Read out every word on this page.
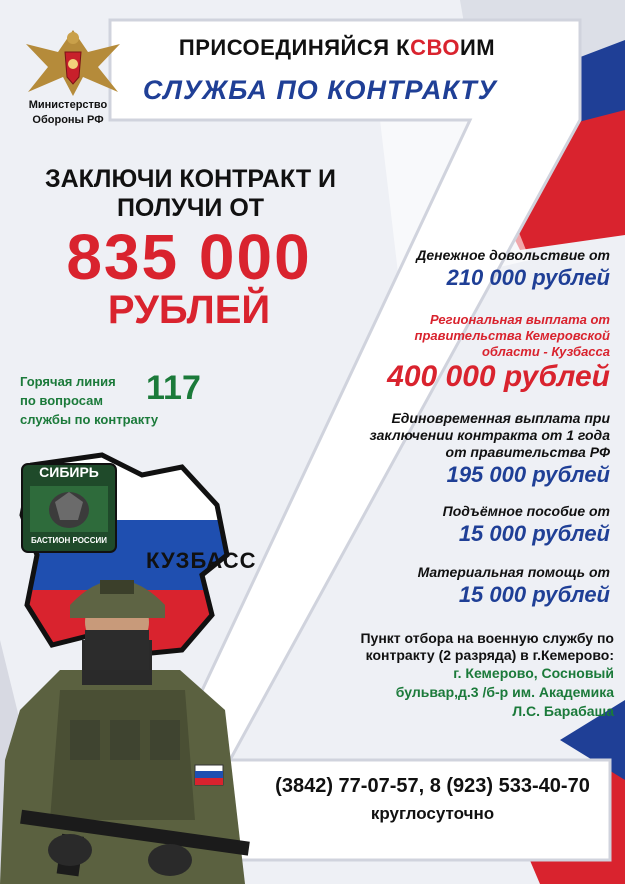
Министерство
Обороны РФ
ПРИСОЕДИНЯЙСЯ К СВО ИМ
СЛУЖБА ПО КОНТРАКТУ
ЗАКЛЮЧИ КОНТРАКТ И
ПОЛУЧИ ОТ
835 000
РУБЛЕЙ
Горячая линия
по вопросам
службы по контракту
117
СИБИРЬ
БАСТИОН РОССИИ
КУЗБАСС
Денежное довольствие от
210 000 рублей
Региональная выплата от
правительства Кемеровской
области - Кузбасса
400 000 рублей
Единовременная выплата при
заключении контракта от 1 года
от правительства РФ
195 000 рублей
Подъёмное пособие от
15 000 рублей
Материальная помощь от
15 000 рублей
Пункт отбора на военную службу по
контракту (2 разряда) в г.Кемерово:
г. Кемерово, Сосновый
бульвар,д.3 /б-р им. Академика
Л.С. Барабаша
(3842) 77-07-57, 8 (923) 533-40-70
круглосуточно
